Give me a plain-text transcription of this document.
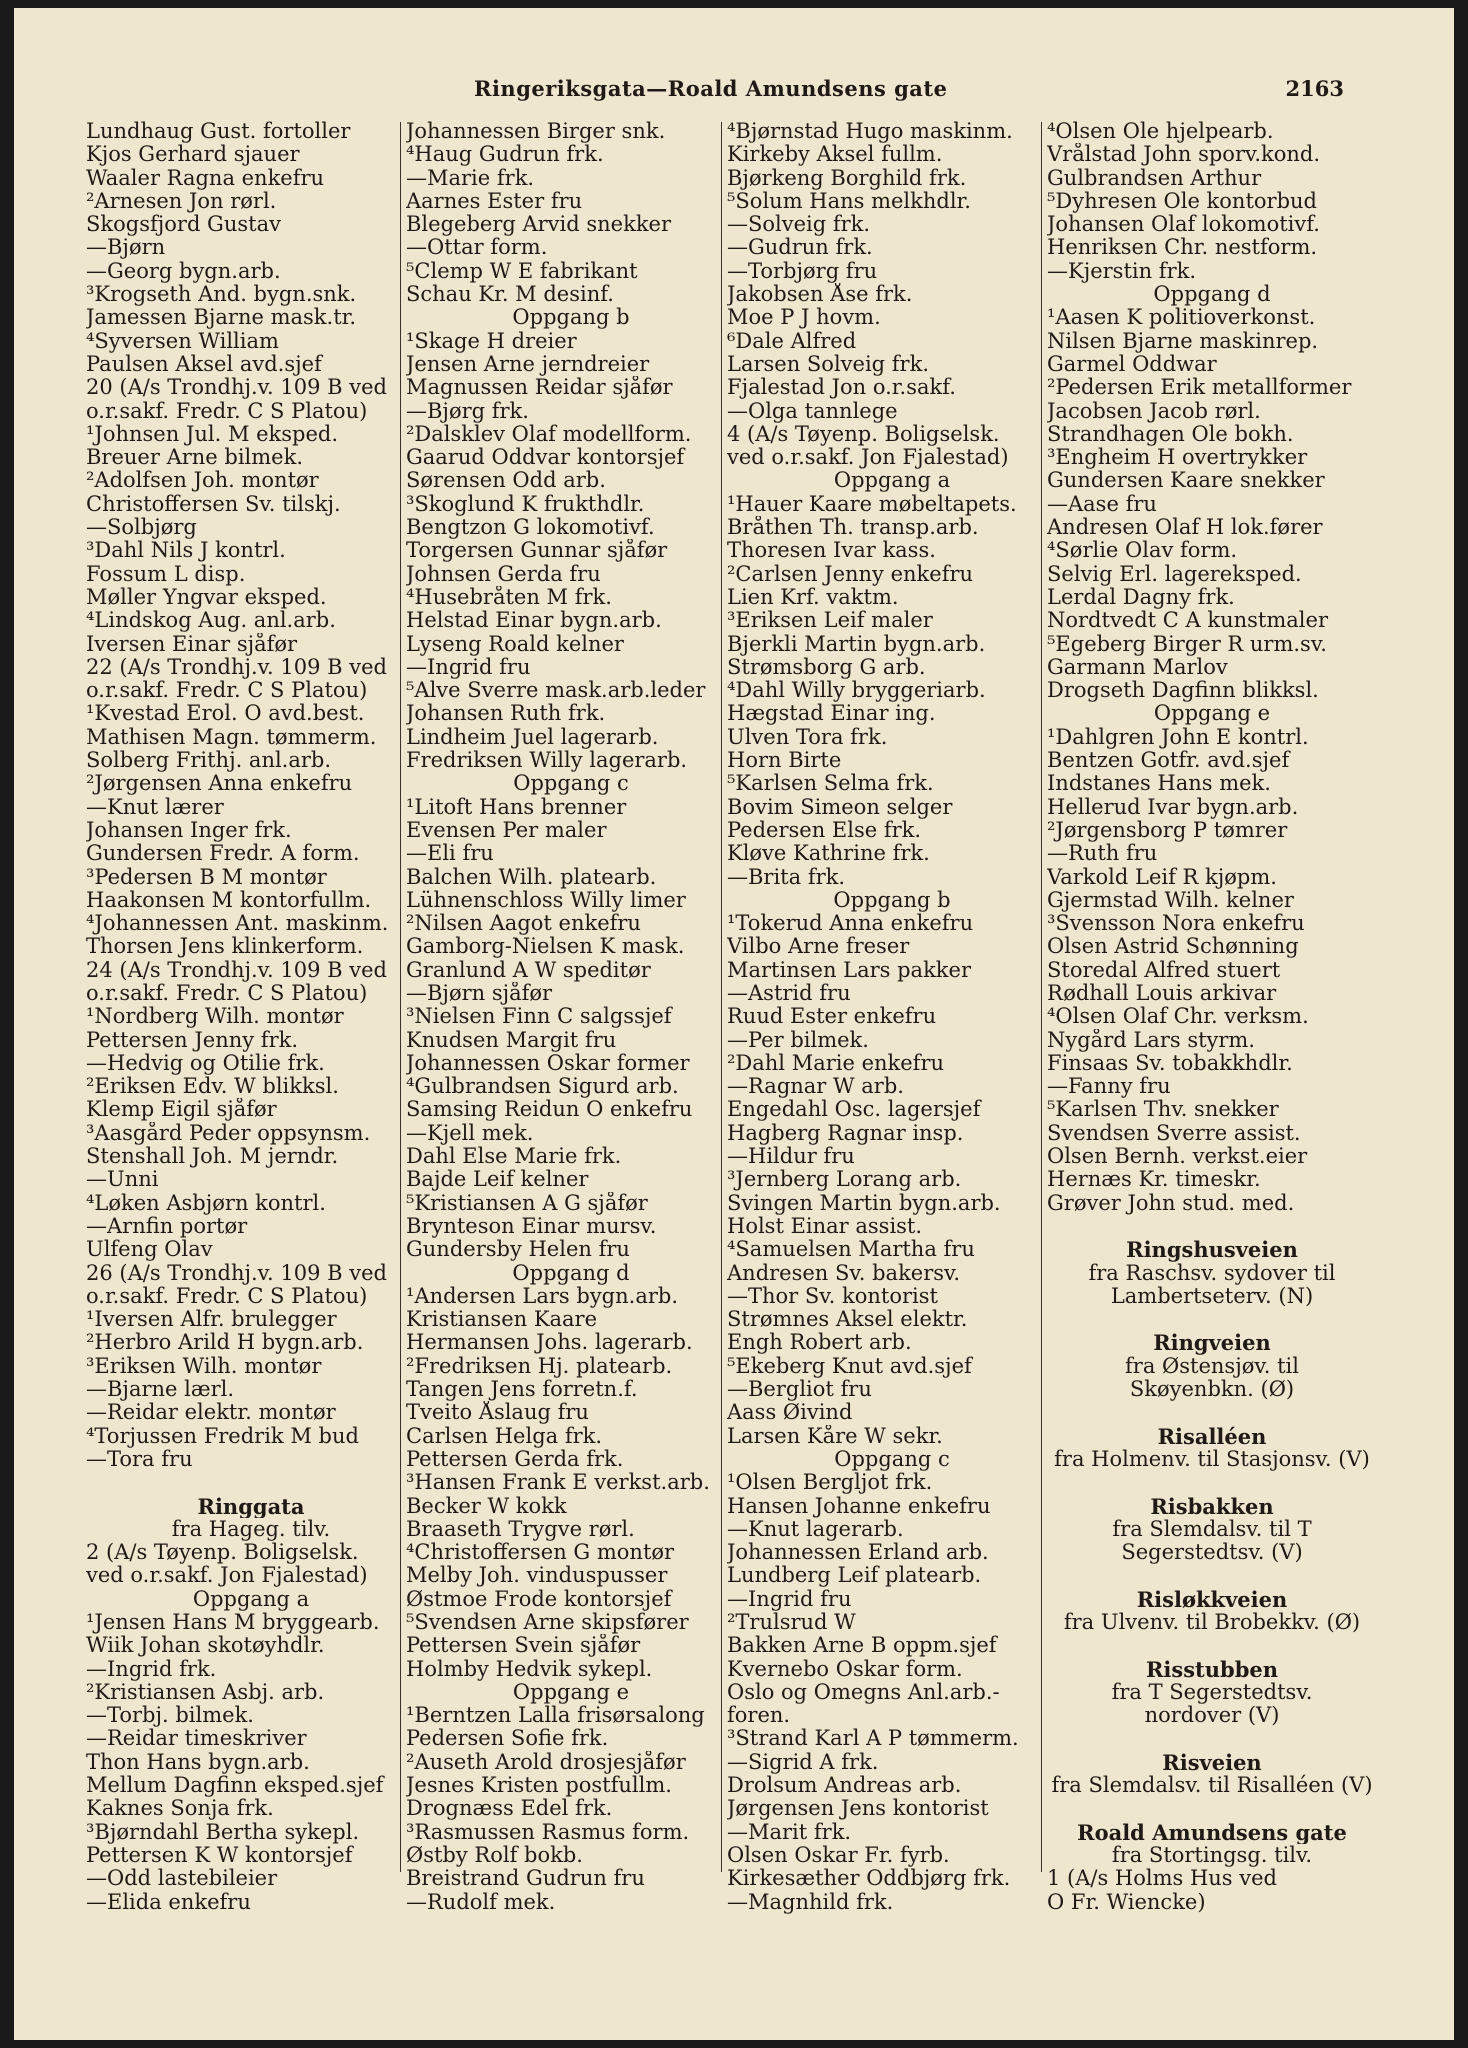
Ringeriksgata—Roald Amundsens gate	2163
Lundhaug Gust. fortoller
Kjos Gerhard sjauer
Waaler Ragna enkefru
²Arnesen Jon rørl.
Skogsfjord Gustav
—Bjørn
—Georg bygn.arb.
³Krogseth And. bygn.snk.
Jamessen Bjarne mask.tr.
⁴Syversen William
Paulsen Aksel avd.sjef
20 (A/s Trondhj.v. 109 B ved
o.r.sakf. Fredr. C S Platou)
¹Johnsen Jul. M eksped.
Breuer Arne bilmek.
²Adolfsen Joh. montør
Christoffersen Sv. tilskj.
—Solbjørg
³Dahl Nils J kontrl.
Fossum L disp.
Møller Yngvar eksped.
⁴Lindskog Aug. anl.arb.
Iversen Einar sjåfør
22 (A/s Trondhj.v. 109 B ved
o.r.sakf. Fredr. C S Platou)
¹Kvestad Erol. O avd.best.
Mathisen Magn. tømmerm.
Solberg Frithj. anl.arb.
²Jørgensen Anna enkefru
—Knut lærer
Johansen Inger frk.
Gundersen Fredr. A form.
³Pedersen B M montør
Haakonsen M kontorfullm.
⁴Johannessen Ant. maskinm.
Thorsen Jens klinkerform.
24 (A/s Trondhj.v. 109 B ved
o.r.sakf. Fredr. C S Platou)
¹Nordberg Wilh. montør
Pettersen Jenny frk.
—Hedvig og Otilie frk.
²Eriksen Edv. W blikksl.
Klemp Eigil sjåfør
³Aasgård Peder oppsynsm.
Stenshall Joh. M jerndr.
—Unni
⁴Løken Asbjørn kontrl.
—Arnfin portør
Ulfeng Olav
26 (A/s Trondhj.v. 109 B ved
o.r.sakf. Fredr. C S Platou)
¹Iversen Alfr. brulegger
²Herbro Arild H bygn.arb.
³Eriksen Wilh. montør
—Bjarne lærl.
—Reidar elektr. montør
⁴Torjussen Fredrik M bud
—Tora fru
Ringgata
fra Hageg. tilv.
2 (A/s Tøyenp. Boligselsk.
ved o.r.sakf. Jon Fjalestad)
Oppgang a
¹Jensen Hans M bryggearb.
Wiik Johan skotøyhdlr.
—Ingrid frk.
²Kristiansen Asbj. arb.
—Torbj. bilmek.
—Reidar timeskriver
Thon Hans bygn.arb.
Mellum Dagfinn eksped.sjef
Kaknes Sonja frk.
³Bjørndahl Bertha sykepl.
Pettersen K W kontorsjef
—Odd lastebileier
—Elida enkefru
Johannessen Birger snk.
⁴Haug Gudrun frk.
—Marie frk.
Aarnes Ester fru
Blegeberg Arvid snekker
—Ottar form.
⁵Clemp W E fabrikant
Schau Kr. M desinf.
Oppgang b
¹Skage H dreier
Jensen Arne jerndreier
Magnussen Reidar sjåfør
—Bjørg frk.
²Dalsklev Olaf modellform.
Gaarud Oddvar kontorsjef
Sørensen Odd arb.
³Skoglund K frukthdlr.
Bengtzon G lokomotivf.
Torgersen Gunnar sjåfør
Johnsen Gerda fru
⁴Husebråten M frk.
Helstad Einar bygn.arb.
Lyseng Roald kelner
—Ingrid fru
⁵Alve Sverre mask.arb.leder
Johansen Ruth frk.
Lindheim Juel lagerarb.
Fredriksen Willy lagerarb.
Oppgang c
¹Litoft Hans brenner
Evensen Per maler
—Eli fru
Balchen Wilh. platearb.
Lühnenschloss Willy limer
²Nilsen Aagot enkefru
Gamborg-Nielsen K mask.
Granlund A W speditør
—Bjørn sjåfør
³Nielsen Finn C salgssjef
Knudsen Margit fru
Johannessen Oskar former
⁴Gulbrandsen Sigurd arb.
Samsing Reidun O enkefru
—Kjell mek.
Dahl Else Marie frk.
Bajde Leif kelner
⁵Kristiansen A G sjåfør
Brynteson Einar mursv.
Gundersby Helen fru
Oppgang d
¹Andersen Lars bygn.arb.
Kristiansen Kaare
Hermansen Johs. lagerarb.
²Fredriksen Hj. platearb.
Tangen Jens forretn.f.
Tveito Åslaug fru
Carlsen Helga frk.
Pettersen Gerda frk.
³Hansen Frank E verkst.arb.
Becker W kokk
Braaseth Trygve rørl.
⁴Christoffersen G montør
Melby Joh. vinduspusser
Østmoe Frode kontorsjef
⁵Svendsen Arne skipsfører
Pettersen Svein sjåfør
Holmby Hedvik sykepl.
Oppgang e
¹Berntzen Lalla frisørsalong
Pedersen Sofie frk.
²Auseth Arold drosjesjåfør
Jesnes Kristen postfullm.
Drognæss Edel frk.
³Rasmussen Rasmus form.
Østby Rolf bokb.
Breistrand Gudrun fru
—Rudolf mek.
⁴Bjørnstad Hugo maskinm.
Kirkeby Aksel fullm.
Bjørkeng Borghild frk.
⁵Solum Hans melkhdlr.
—Solveig frk.
—Gudrun frk.
—Torbjørg fru
Jakobsen Åse frk.
Moe P J hovm.
⁶Dale Alfred
Larsen Solveig frk.
Fjalestad Jon o.r.sakf.
—Olga tannlege
4 (A/s Tøyenp. Boligselsk.
ved o.r.sakf. Jon Fjalestad)
Oppgang a
¹Hauer Kaare møbeltapets.
Bråthen Th. transp.arb.
Thoresen Ivar kass.
²Carlsen Jenny enkefru
Lien Krf. vaktm.
³Eriksen Leif maler
Bjerkli Martin bygn.arb.
Strømsborg G arb.
⁴Dahl Willy bryggeriarb.
Hægstad Einar ing.
Ulven Tora frk.
Horn Birte
⁵Karlsen Selma frk.
Bovim Simeon selger
Pedersen Else frk.
Kløve Kathrine frk.
—Brita frk.
Oppgang b
¹Tokerud Anna enkefru
Vilbo Arne freser
Martinsen Lars pakker
—Astrid fru
Ruud Ester enkefru
—Per bilmek.
²Dahl Marie enkefru
—Ragnar W arb.
Engedahl Osc. lagersjef
Hagberg Ragnar insp.
—Hildur fru
³Jernberg Lorang arb.
Svingen Martin bygn.arb.
Holst Einar assist.
⁴Samuelsen Martha fru
Andresen Sv. bakersv.
—Thor Sv. kontorist
Strømnes Aksel elektr.
Engh Robert arb.
⁵Ekeberg Knut avd.sjef
—Bergliot fru
Aass Øivind
Larsen Kåre W sekr.
Oppgang c
¹Olsen Bergljot frk.
Hansen Johanne enkefru
—Knut lagerarb.
Johannessen Erland arb.
Lundberg Leif platearb.
—Ingrid fru
²Trulsrud W
Bakken Arne B oppm.sjef
Kvernebo Oskar form.
Oslo og Omegns Anl.arb.-
foren.
³Strand Karl A P tømmerm.
—Sigrid A frk.
Drolsum Andreas arb.
Jørgensen Jens kontorist
—Marit frk.
Olsen Oskar Fr. fyrb.
Kirkesæther Oddbjørg frk.
—Magnhild frk.
⁴Olsen Ole hjelpearb.
Vrålstad John sporv.kond.
Gulbrandsen Arthur
⁵Dyhresen Ole kontorbud
Johansen Olaf lokomotivf.
Henriksen Chr. nestform.
—Kjerstin frk.
Oppgang d
¹Aasen K politioverkonst.
Nilsen Bjarne maskinrep.
Garmel Oddwar
²Pedersen Erik metallformer
Jacobsen Jacob rørl.
Strandhagen Ole bokh.
³Engheim H overtrykker
Gundersen Kaare snekker
—Aase fru
Andresen Olaf H lok.fører
⁴Sørlie Olav form.
Selvig Erl. lagereksped.
Lerdal Dagny frk.
Nordtvedt C A kunstmaler
⁵Egeberg Birger R urm.sv.
Garmann Marlov
Drogseth Dagfinn blikksl.
Oppgang e
¹Dahlgren John E kontrl.
Bentzen Gotfr. avd.sjef
Indstanes Hans mek.
Hellerud Ivar bygn.arb.
²Jørgensborg P tømrer
—Ruth fru
Varkold Leif R kjøpm.
Gjermstad Wilh. kelner
³Svensson Nora enkefru
Olsen Astrid Schønning
Storedal Alfred stuert
Rødhall Louis arkivar
⁴Olsen Olaf Chr. verksm.
Nygård Lars styrm.
Finsaas Sv. tobakkhdlr.
—Fanny fru
⁵Karlsen Thv. snekker
Svendsen Sverre assist.
Olsen Bernh. verkst.eier
Hernæs Kr. timeskr.
Grøver John stud. med.
Ringshusveien
fra Raschsv. sydover til
Lambertseterv. (N)
Ringveien
fra Østensjøv. til
Skøyenbkn. (Ø)
Risalléen
fra Holmenv. til Stasjonsv. (V)
Risbakken
fra Slemdalsv. til T
Segerstedtsv. (V)
Risløkkveien
fra Ulvenv. til Brobekkv. (Ø)
Risstubben
fra T Segerstedtsv.
nordover (V)
Risveien
fra Slemdalsv. til Risalléen (V)
Roald Amundsens gate
fra Stortingsg. tilv.
1 (A/s Holms Hus ved
O Fr. Wiencke)
